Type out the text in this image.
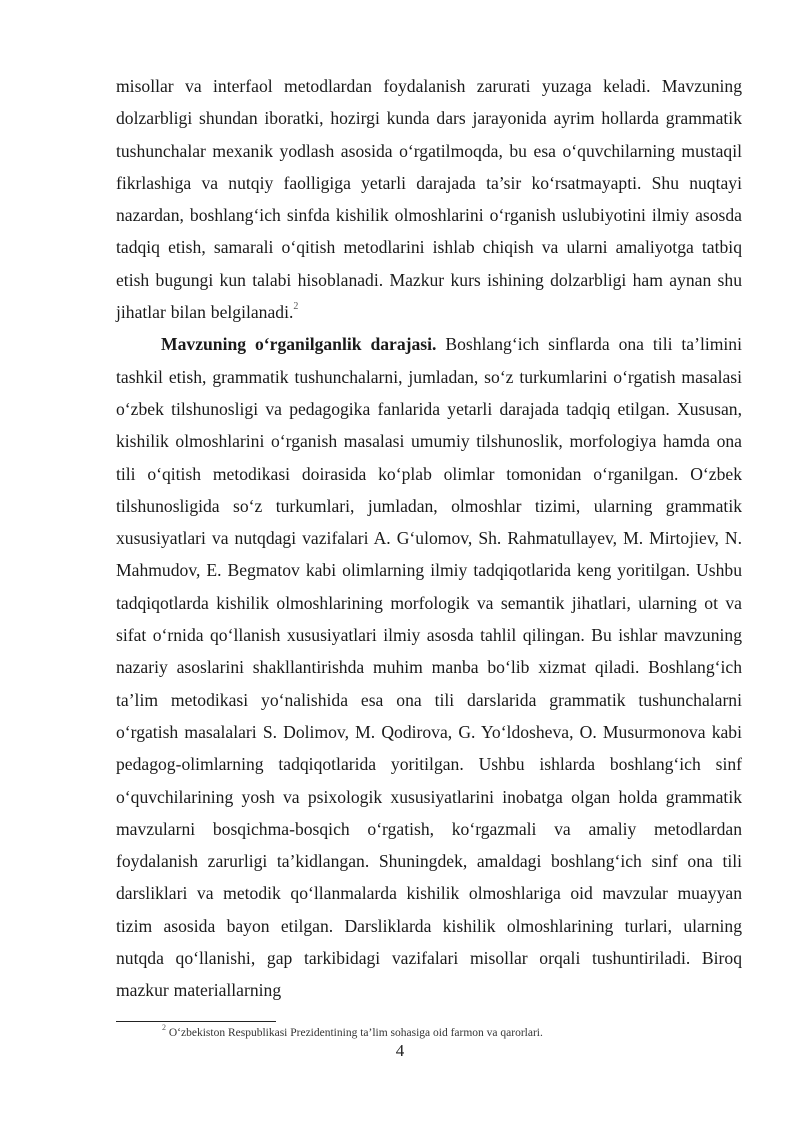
misollar va interfaol metodlardan foydalanish zarurati yuzaga keladi. Mavzuning dolzarbligi shundan iboratki, hozirgi kunda dars jarayonida ayrim hollarda grammatik tushunchalar mexanik yodlash asosida o‘rgatilmoqda, bu esa o‘quvchilarning mustaqil fikrlashiga va nutqiy faolligiga yetarli darajada ta’sir ko‘rsatmayapti. Shu nuqtayi nazardan, boshlang‘ich sinfda kishilik olmoshlarini o‘rganish uslubiyotini ilmiy asosda tadqiq etish, samarali o‘qitish metodlarini ishlab chiqish va ularni amaliyotga tatbiq etish bugungi kun talabi hisoblanadi. Mazkur kurs ishining dolzarbligi ham aynan shu jihatlar bilan belgilanadi.$^2$

Mavzuning o‘rganilganlik darajasi. Boshlang‘ich sinflarda ona tili ta’limini tashkil etish, grammatik tushunchalarni, jumladan, so‘z turkumlarini o‘rgatish masalasi o‘zbek tilshunosligi va pedagogika fanlarida yetarli darajada tadqiq etilgan. Xususan, kishilik olmoshlarini o‘rganish masalasi umumiy tilshunoslik, morfologiya hamda ona tili o‘qitish metodikasi doirasida ko‘plab olimlar tomonidan o‘rganilgan. O‘zbek tilshunosligida so‘z turkumlari, jumladan, olmoshlar tizimi, ularning grammatik xususiyatlari va nutqdagi vazifalari A. G‘ulomov, Sh. Rahmatullayev, M. Mirtojiev, N. Mahmudov, E. Begmatov kabi olimlarning ilmiy tadqiqotlarida keng yoritilgan. Ushbu tadqiqotlarda kishilik olmoshlarining morfologik va semantik jihatlari, ularning ot va sifat o‘rnida qo‘llanish xususiyatlari ilmiy asosda tahlil qilingan. Bu ishlar mavzuning nazariy asoslarini shakllantirishda muhim manba bo‘lib xizmat qiladi. Boshlang‘ich ta’lim metodikasi yo‘nalishida esa ona tili darslarida grammatik tushunchalarni o‘rgatish masalalari S. Dolimov, M. Qodirova, G. Yo‘ldosheva, O. Musurmonova kabi pedagog-olimlarning tadqiqotlarida yoritilgan. Ushbu ishlarda boshlang‘ich sinf o‘quvchilarining yosh va psixologik xususiyatlarini inobatga olgan holda grammatik mavzularni bosqichma-bosqich o‘rgatish, ko‘rgazmali va amaliy metodlardan foydalanish zarurligi ta’kidlangan. Shuningdek, amaldagi boshlang‘ich sinf ona tili darsliklari va metodik qo‘llanmalarda kishilik olmoshlariga oid mavzular muayyan tizim asosida bayon etilgan. Darsliklarda kishilik olmoshlarining turlari, ularning nutqda qo‘llanishi, gap tarkibidagi vazifalari misollar orqali tushuntiriladi. Biroq mazkur materiallarning

$^2$ O‘zbekiston Respublikasi Prezidentining ta’lim sohasiga oid farmon va qarorlari.
4
